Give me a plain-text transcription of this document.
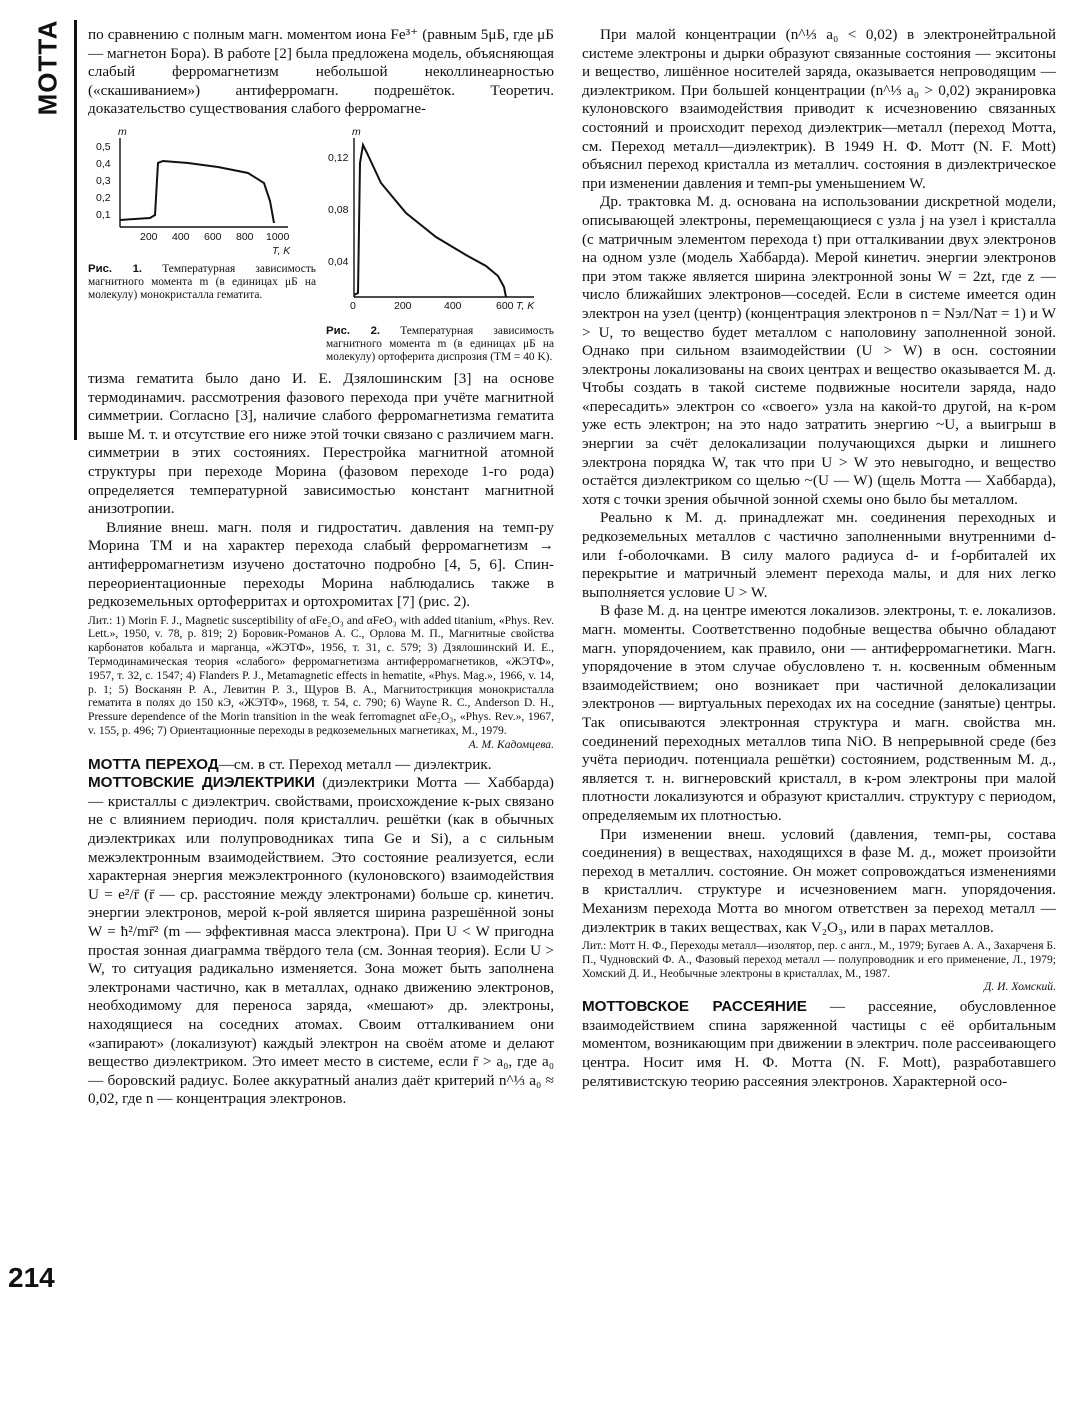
МОТТА
214

по сравнению с полным магн. моментом иона Fe³⁺ (равным 5μБ, где μБ — магнетон Бора). В работе [2] была предложена модель, объясняющая слабый ферромагнетизм небольшой неколлинеарностью («скашиванием») антиферромагн. подрешёток. Теоретич. доказательство существования слабого ферромагне-

m
0,5
0,4
0,3
0,2
0,1
200 400 600 800 1000
T, K
Рис. 1. Температурная зависимость магнитного момента m (в единицах μБ на молекулу) монокристалла гематита.
m
0,12
0,08
0,04
0	200	400	600 T, K
Рис. 2. Температурная зависимость магнитного момента m (в единицах μБ на молекулу) ортоферита диспрозия (TM = 40 K).

тизма гематита было дано И. Е. Дзялошинским [3] на основе термодинамич. рассмотрения фазового перехода при учёте магнитной симметрии. Согласно [3], наличие слабого ферромагнетизма гематита выше М. т. и отсутствие его ниже этой точки связано с различием магн. симметрии в этих состояниях. Перестройка магнитной атомной структуры при переходе Морина (фазовом переходе 1-го рода) определяется температурной зависимостью констант магнитной анизотропии.

Влияние внеш. магн. поля и гидростатич. давления на темп-ру Морина TM и на характер перехода слабый ферромагнетизм → антиферромагнетизм изучено достаточно подробно [4, 5, 6]. Спин-переориентационные переходы Морина наблюдались также в редкоземельных ортоферритах и ортохромитах [7] (рис. 2).

Лит.: 1) Morin F. J., Magnetic susceptibility of αFe₂O₃ and αFeO₃ with added titanium, «Phys. Rev. Lett.», 1950, v. 78, p. 819; 2) Боровик-Романов А. С., Орлова М. П., Магнитные свойства карбонатов кобальта и марганца, «ЖЭТФ», 1956, т. 31, с. 579; 3) Дзялошинский И. Е., Термодинамическая теория «слабого» ферромагнетизма антиферромагнетиков, «ЖЭТФ», 1957, т. 32, с. 1547; 4) Flanders P. J., Metamagnetic effects in hematite, «Phys. Mag.», 1966, v. 14, p. 1; 5) Восканян Р. А., Левитин Р. З., Щуров В. А., Магнитострикция монокристалла гематита в полях до 150 кЭ, «ЖЭТФ», 1968, т. 54, с. 790; 6) Wayne R. C., Anderson D. H., Pressure dependence of the Morin transition in the weak ferromagnet αFe₂O₃, «Phys. Rev.», 1967, v. 155, p. 496; 7) Ориентационные переходы в редкоземельных магнетиках, М., 1979.
А. М. Кадомцева.

МОТТА ПЕРЕХОД—см. в ст. Переход металл — диэлектрик.

МОТТОВСКИЕ ДИЭЛЕКТРИКИ (диэлектрики Мотта — Хаббарда) — кристаллы с диэлектрич. свойствами, происхождение к-рых связано не с влиянием периодич. поля кристаллич. решётки (как в обычных диэлектриках или полупроводниках типа Ge и Si), а с сильным межэлектронным взаимодействием. Это состояние реализуется, если характерная энергия межэлектронного (кулоновского) взаимодействия U = e²/r̄ (r̄ — ср. расстояние между электронами) больше ср. кинетич. энергии электронов, мерой к-рой является ширина разрешённой зоны W = ħ²/mr̄² (m — эффективная масса электрона). При U < W пригодна простая зонная диаграмма твёрдого тела (см. Зонная теория). Если U > W, то ситуация радикально изменяется. Зона может быть заполнена электронами частично, как в металлах, однако движению электронов, необходимому для переноса заряда, «мешают» др. электроны, находящиеся на соседних атомах. Своим отталкиванием они «запирают» (локализуют) каждый электрон на своём атоме и делают вещество диэлектриком. Это имеет место в системе, если r̄ > a₀, где a₀ — боровский радиус. Более аккуратный анализ даёт критерий n^⅓ a₀ ≈ 0,02, где n — концентрация электронов.

При малой концентрации (n^⅓ a₀ < 0,02) в электронейтральной системе электроны и дырки образуют связанные состояния — экситоны и вещество, лишённое носителей заряда, оказывается непроводящим — диэлектриком. При большей концентрации (n^⅓ a₀ > 0,02) экранировка кулоновского взаимодействия приводит к исчезновению связанных состояний и происходит переход диэлектрик—металл (переход Мотта, см. Переход металл—диэлектрик). В 1949 Н. Ф. Мотт (N. F. Mott) объяснил переход кристалла из металлич. состояния в диэлектрическое при изменении давления и темп-ры уменьшением W.

Др. трактовка М. д. основана на использовании дискретной модели, описывающей электроны, перемещающиеся с узла j на узел i кристалла (с матричным элементом перехода t) при отталкивании двух электронов на одном узле (модель Хаббарда). Мерой кинетич. энергии электронов при этом также является ширина электронной зоны W = 2zt, где z — число ближайших электронов—соседей. Если в системе имеется один электрон на узел (центр) (концентрация электронов n = Nэл/Nат = 1) и W > U, то вещество будет металлом с наполовину заполненной зоной. Однако при сильном взаимодействии (U > W) в осн. состоянии электроны локализованы на своих центрах и вещество оказывается М. д. Чтобы создать в такой системе подвижные носители заряда, надо «пересадить» электрон со «своего» узла на какой-то другой, на к-ром уже есть электрон; на это надо затратить энергию ~U, а выигрыш в энергии за счёт делокализации получающихся дырки и лишнего электрона порядка W, так что при U > W это невыгодно, и вещество остаётся диэлектриком со щелью ~(U — W) (щель Мотта — Хаббарда), хотя с точки зрения обычной зонной схемы оно было бы металлом.

Реально к М. д. принадлежат мн. соединения переходных и редкоземельных металлов с частично заполненными внутренними d- или f-оболочками. В силу малого радиуса d- и f-орбиталей их перекрытие и матричный элемент перехода малы, и для них легко выполняется условие U > W.

В фазе М. д. на центре имеются локализов. электроны, т. е. локализов. магн. моменты. Соответственно подобные вещества обычно обладают магн. упорядочением, как правило, они — антиферромагнетики. Магн. упорядочение в этом случае обусловлено т. н. косвенным обменным взаимодействием; оно возникает при частичной делокализации электронов — виртуальных переходах их на соседние (занятые) центры. Так описываются электронная структура и магн. свойства мн. соединений переходных металлов типа NiO. В непрерывной среде (без учёта периодич. потенциала решётки) состоянием, родственным М. д., является т. н. вигнеровский кристалл, в к-ром электроны при малой плотности локализуются и образуют кристаллич. структуру с периодом, определяемым их плотностью.

При изменении внеш. условий (давления, темп-ры, состава соединения) в веществах, находящихся в фазе М. д., может произойти переход в металлич. состояние. Он может сопровождаться изменениями в кристаллич. структуре и исчезновением магн. упорядочения. Механизм перехода Мотта во многом ответствен за переход металл — диэлектрик в таких веществах, как V₂O₃, или в парах металлов.

Лит.: Мотт Н. Ф., Переходы металл—изолятор, пер. с англ., М., 1979; Бугаев А. А., Захарченя Б. П., Чудновский Ф. А., Фазовый переход металл — полупроводник и его применение, Л., 1979; Хомский Д. И., Необычные электроны в кристаллах, М., 1987.
Д. И. Хомский.

МОТТОВСКОЕ РАССЕЯНИЕ — рассеяние, обусловленное взаимодействием спина заряженной частицы с её орбитальным моментом, возникающим при движении в электрич. поле рассеивающего центра. Носит имя Н. Ф. Мотта (N. F. Mott), разработавшего релятивистскую теорию рассеяния электронов. Характерной осо-
